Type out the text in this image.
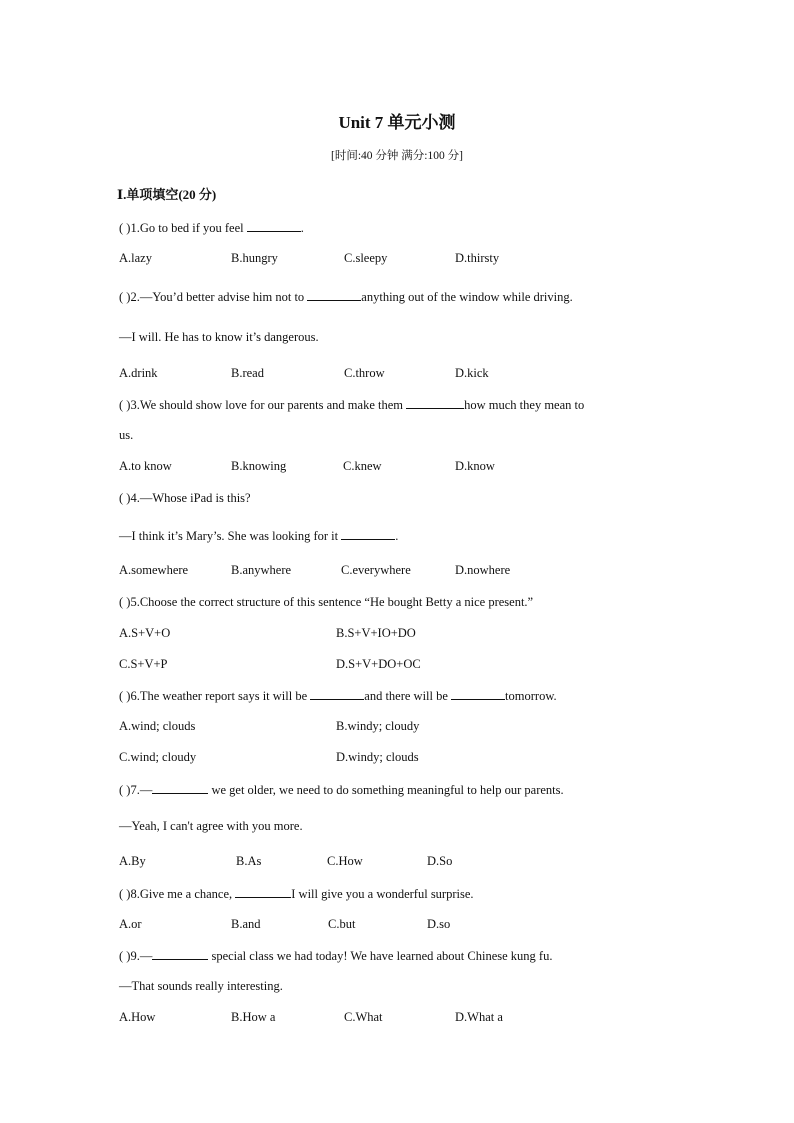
Unit 7 单元小测
[时间:40 分钟 满分:100 分]
Ⅰ.单项填空(20 分)
( )1.Go to bed if you feel	.
A.lazy	B.hungry	C.sleepy	D.thirsty
( )2.—You’d better advise him not to	anything out of the window while driving.
—I will. He has to know it’s dangerous.
A.drink	B.read	C.throw	D.kick
( )3.We should show love for our parents and make them	how much they mean to
us.
A.to know	B.knowing	C.knew	D.know
( )4.—Whose iPad is this?
—I think it’s Mary’s. She was looking for it	.
A.somewhere	B.anywhere	C.everywhere	D.nowhere
( )5.Choose the correct structure of this sentence “He bought Betty a nice present.”
A.S+V+O	B.S+V+IO+DO
C.S+V+P	D.S+V+DO+OC
( )6.The weather report says it will be	and there will be	tomorrow.
A.wind; clouds	B.windy; cloudy
C.wind; cloudy	D.windy; clouds
( )7.—	we get older, we need to do something meaningful to help our parents.
—Yeah, I can't agree with you more.
A.By	B.As	C.How	D.So
( )8.Give me a chance,	I will give you a wonderful surprise.
A.or	B.and	C.but	D.so
( )9.—	special class we had today! We have learned about Chinese kung fu.
—That sounds really interesting.
A.How	B.How a	C.What	D.What a
